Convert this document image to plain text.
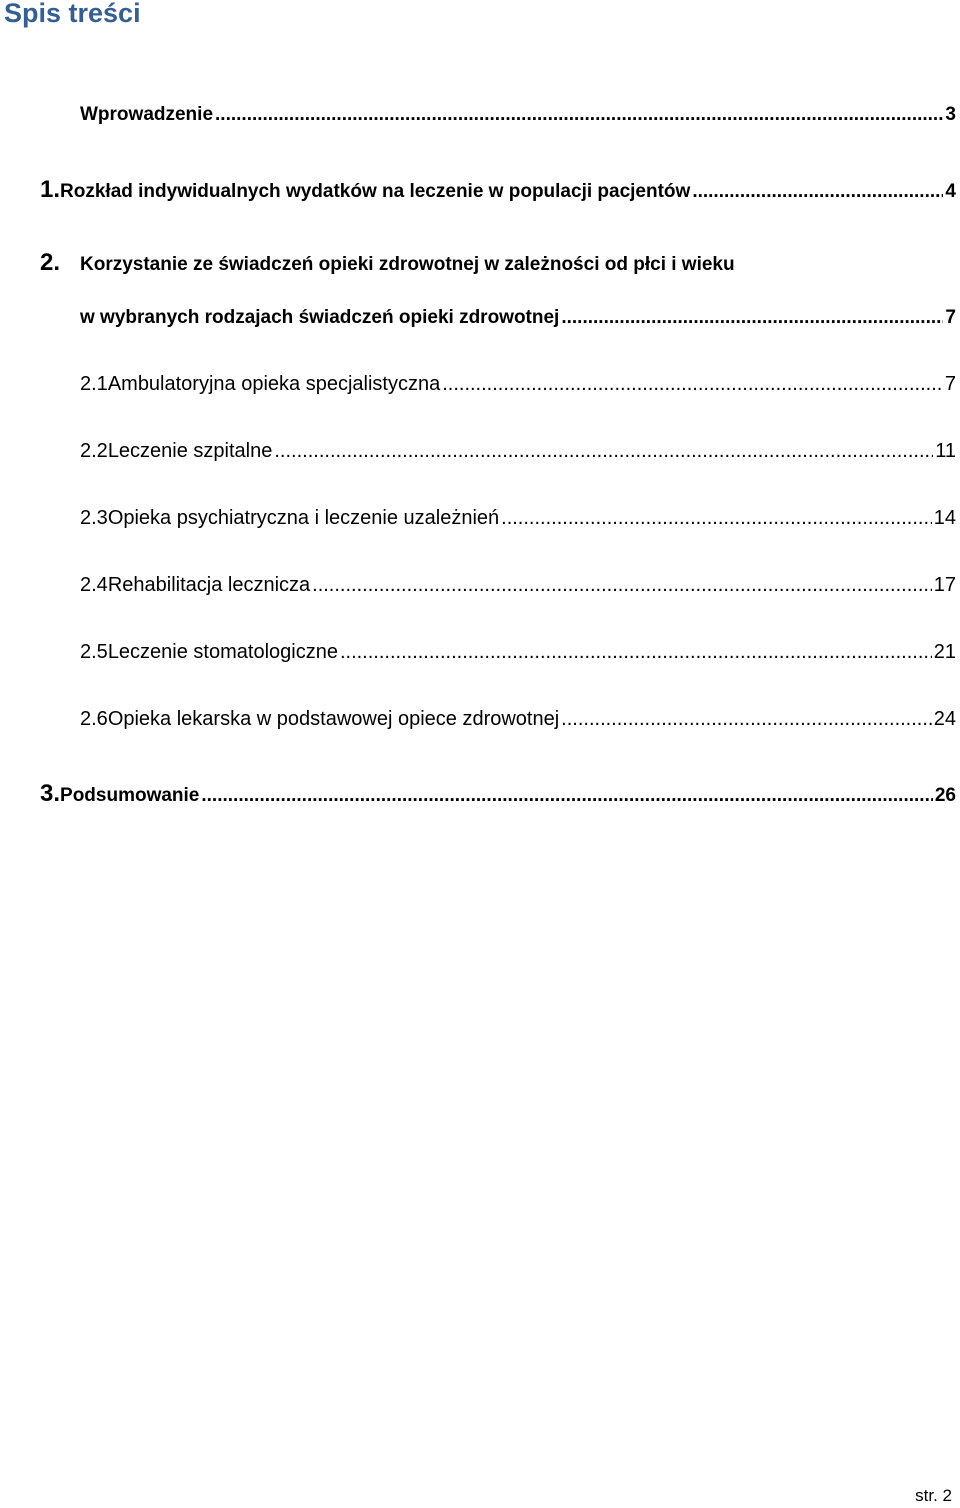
Spis treści
Wprowadzenie .....	3
1. Rozkład indywidualnych wydatków na leczenie w populacji pacjentów .....	4
2.	Korzystanie ze świadczeń opieki zdrowotnej w zależności od płci i wieku
w wybranych rodzajach świadczeń opieki zdrowotnej .....	7
2.1 Ambulatoryjna opieka specjalistyczna .....	7
2.2 Leczenie szpitalne .....	11
2.3 Opieka psychiatryczna i leczenie uzależnień .....	14
2.4 Rehabilitacja lecznicza .....	17
2.5 Leczenie stomatologiczne .....	21
2.6 Opieka lekarska w podstawowej opiece zdrowotnej .....	24
3. Podsumowanie .....	26
str. 2
